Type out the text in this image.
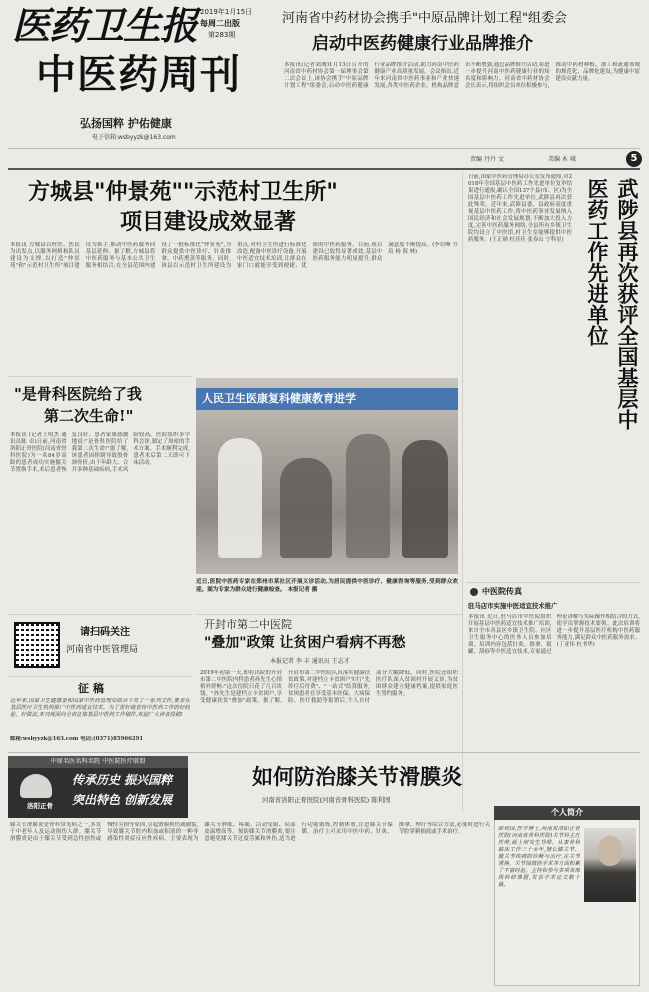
医药卫生报 2019年1月15日
每周二出版
第283期
中医药周刊
弘扬国粹 护佑健康
电子信箱:wsbyyzk@163.com
河南省中药材协会携手"中原品牌计划工程"组委会
启动中医药健康行业品牌推介
本报讯(记者刘淘)1月13日召开的河南省中药材协会第一届理事会第二次会议上,该协会携手"中原品牌计划工程"组委会,启动中医药健康行业品牌推介活动,助力河南中医药健康产业高质量发展。会议指出,近年来河南省中医药事业和产业快速发展,各类中医药企业、机构品牌意识不断增强,通过品牌推介活动,将进一步提升河南中医药健康行业的知名度和影响力。河南省中药材协会会长表示,将组织会员单位积极参与,推动中药材种植、加工和流通领域的规范化、品牌化建设,为健康中原建设贡献力量。
责编 丹丹 文	美编 木 城	5
方城县"仲景苑""示范村卫生所"
项目建设成效显著
本报讯 方城县以村医、医民为出发点,以服务网格和队员建设为支撑,以打造"仲景苑"和"示范村卫生所"项目建设为抓手,推动中医药服务向基层延伸。据了解,方城县将中医药服务与基本公共卫生服务相结合,在全县范围内建设了一批标准化"仲景苑",为群众提供中医诊疗、针灸推拿、中药熏蒸等服务。同时,该县以示范村卫生所建设为重点,对村卫生所进行标准化改造,配备中医诊疗设备,开展中医适宜技术培训,让群众在家门口就能享受到便捷、优质的中医药服务。目前,项目建设已取得显著成效,基层中医药服务能力明显提升,群众满意度不断提高。(李岩峰 方 培 杨 海 林)
日前,国家中医药管理局办公室发布通知,对2018年全国基层中医药工作先进单位复审结果进行通报,确认全国137个县(市、区)为全国基层中医药工作先进单位,武陟县再次获此殊荣。近年来,武陟县委、县政府高度重视基层中医药工作,将中医药事业发展纳入国民经济和社会发展规划,不断加大投入力度,完善中医药服务网络,全县所有乡镇卫生院均设立了中医馆,村卫生室能够提供中医药服务。(王正勋 杜佳佳 张春山 宁科星)	武陟县再次获评全国基层中医药工作先进单位
"是骨科医院给了我
第二次生命!"
本报讯 (记者王明杰 通讯员陈 卓)日前,河南省洛阳正骨医院(河南省骨科医院)为一名84岁高龄的患者成功实施髋关节置换手术,术后患者恢复良好。患者家属感激地说:"是骨科医院给了我第二次生命!"据了解,该患者因摔倒导致股骨颈骨折,由于年龄大、合并多种基础疾病,手术风险较高。医院组织多学科会诊,制定了周密的手术方案。手术顺利完成,患者术后第二天即可下床活动。
人民卫生医康复科健康教育进学
近日,医院中医药专家在郑州市某社区开展义诊活动,为居民提供中医诊疗、健康咨询等服务,受到群众欢迎。图为专家为群众进行健康检查。 本报记者 摄
请扫码关注
河南省中医管理局
征 稿
近年来,国家卫生健康委和国家中医药管理局联合下发了一系列文件,要求在基层医疗卫生机构推广中医药适宜技术。为了更好地宣传中医药工作的好经验、好做法,本刊现面向全省征集基层中医药工作稿件,欢迎广大读者投稿!
邮箱:wsbyyzk@163.com 电话:(0371)85966291
开封市第二中医院
"叠加"政策 让贫困户看病不再愁
本报记者 李 丰 通讯员 王志才
2019年初第一天,即将出院的开封市第二中医院内科患者孙先生心情格外舒畅:"这次住院只花了几百块钱。"孙先生是建档立卡贫困户,享受健康扶贫"叠加"政策。据了解,开封市第二中医院认真落实健康扶贫政策,对建档立卡贫困户实行"先诊疗后付费"、"一站式"结算服务,贫困患者在享受基本医保、大病保险、医疗救助等报销后,个人自付部分大幅降低。同时,医院还组织医疗队深入贫困村开展义诊,为贫困群众建立健康档案,提供家庭医生签约服务。
中医院传真
驻马店市实施中医适宜技术推广
本报讯 近日,驻马店市中医院组织开展基层中医药适宜技术推广培训,来自全市各县区乡镇卫生院、社区卫生服务中心的医务人员参加培训。培训内容包括针灸、推拿、拔罐、刮痧等中医适宜技术,专家通过理论讲解与实际操作相结合的方式,使学员掌握技术要领。此次培训将进一步提升基层医疗机构中医药服务能力,满足群众中医药服务需求。(丁亚伟 杜书华)
中原名医名科名院 中医院医疗联盟
传承历史 振兴国粹
突出特色 创新发展
洛阳正骨
如何防治膝关节滑膜炎
河南省洛阳正骨医院(河南省骨科医院) 陈利国
膝关节滑膜炎是骨科常见病之一,多发于中老年人及运动损伤人群。膝关节滑膜炎是由于膝关节受到急性创伤或慢性劳损等原因,引起滑膜损伤或破裂,导致膝关节腔内积血或积液的一种非感染性炎症反应性疾病。主要表现为膝关节肿胀、疼痛、活动受限、局部皮温增高等。预防膝关节滑膜炎,要注意避免膝关节过度劳累和外伤,适当进行功能锻炼,控制体重,注意膝关节保暖。治疗上可采用中医中药、针灸、推拿、理疗等综合方法,必要时进行关节腔穿刺抽液或手术治疗。
个人简介
陈利国,医学博士,河南省洛阳正骨医院(河南省骨科医院)关节科主任医师,硕士研究生导师。从事骨科临床工作三十余年,擅长膝关节、髋关节疾病的诊断与治疗,在关节置换、关节镜微创手术等方面积累了丰富经验。主持和参与多项省部级科研课题,发表学术论文数十篇。
